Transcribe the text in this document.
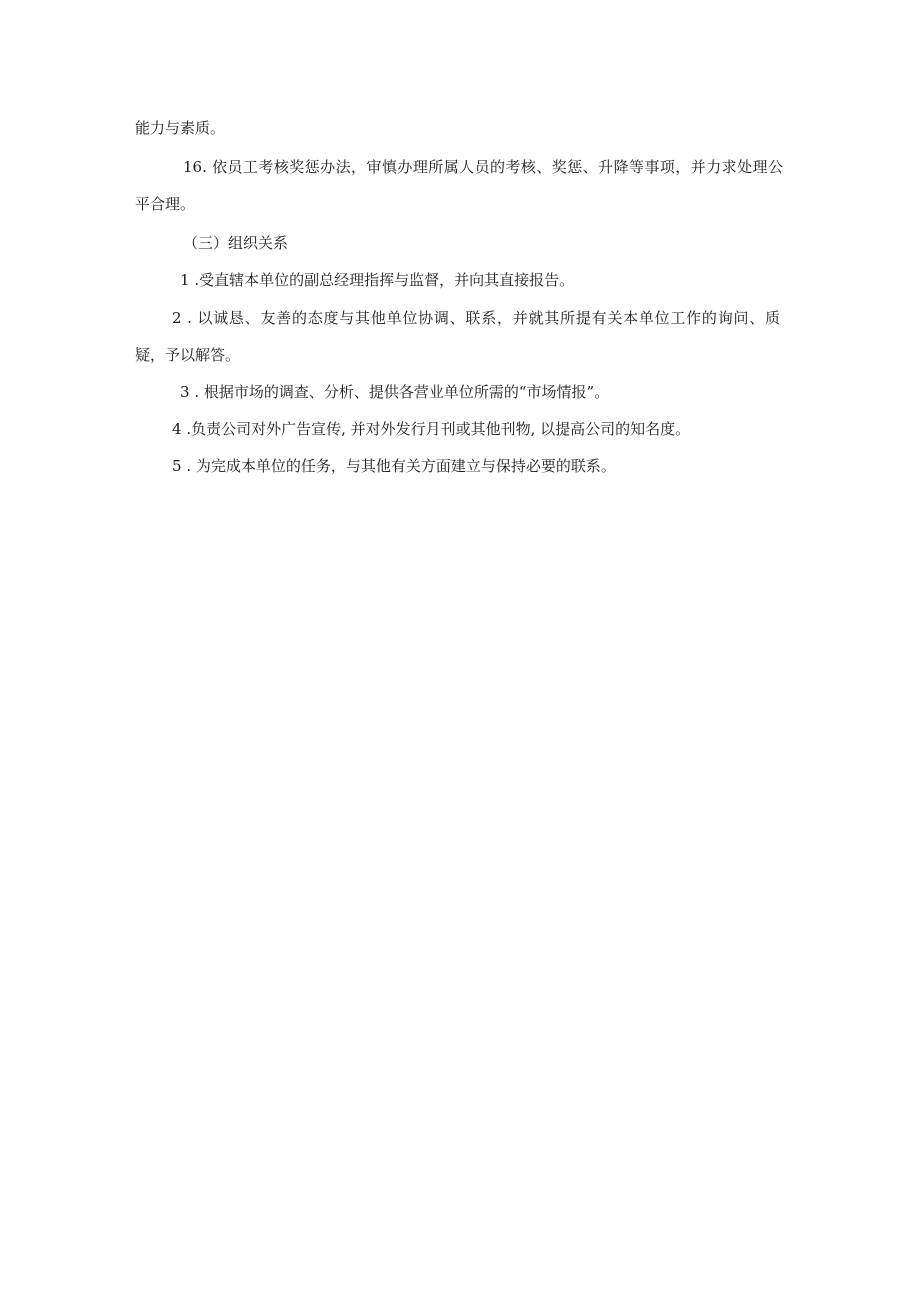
能力与素质。
16. 依员工考核奖惩办法，审慎办理所属人员的考核、奖惩、升降等事项，并力求处理公
平合理。
（三）组织关系
1 .受直辖本单位的副总经理指挥与监督，并向其直接报告。
2 . 以诚恳、友善的态度与其他单位协调、联系，并就其所提有关本单位工作的询问、质
疑，予以解答。
3 . 根据市场的调查、分析、提供各营业单位所需的“市场情报”。
4 .负责公司对外广告宣传, 并对外发行月刊或其他刊物, 以提高公司的知名度。
5 . 为完成本单位的任务，与其他有关方面建立与保持必要的联系。
